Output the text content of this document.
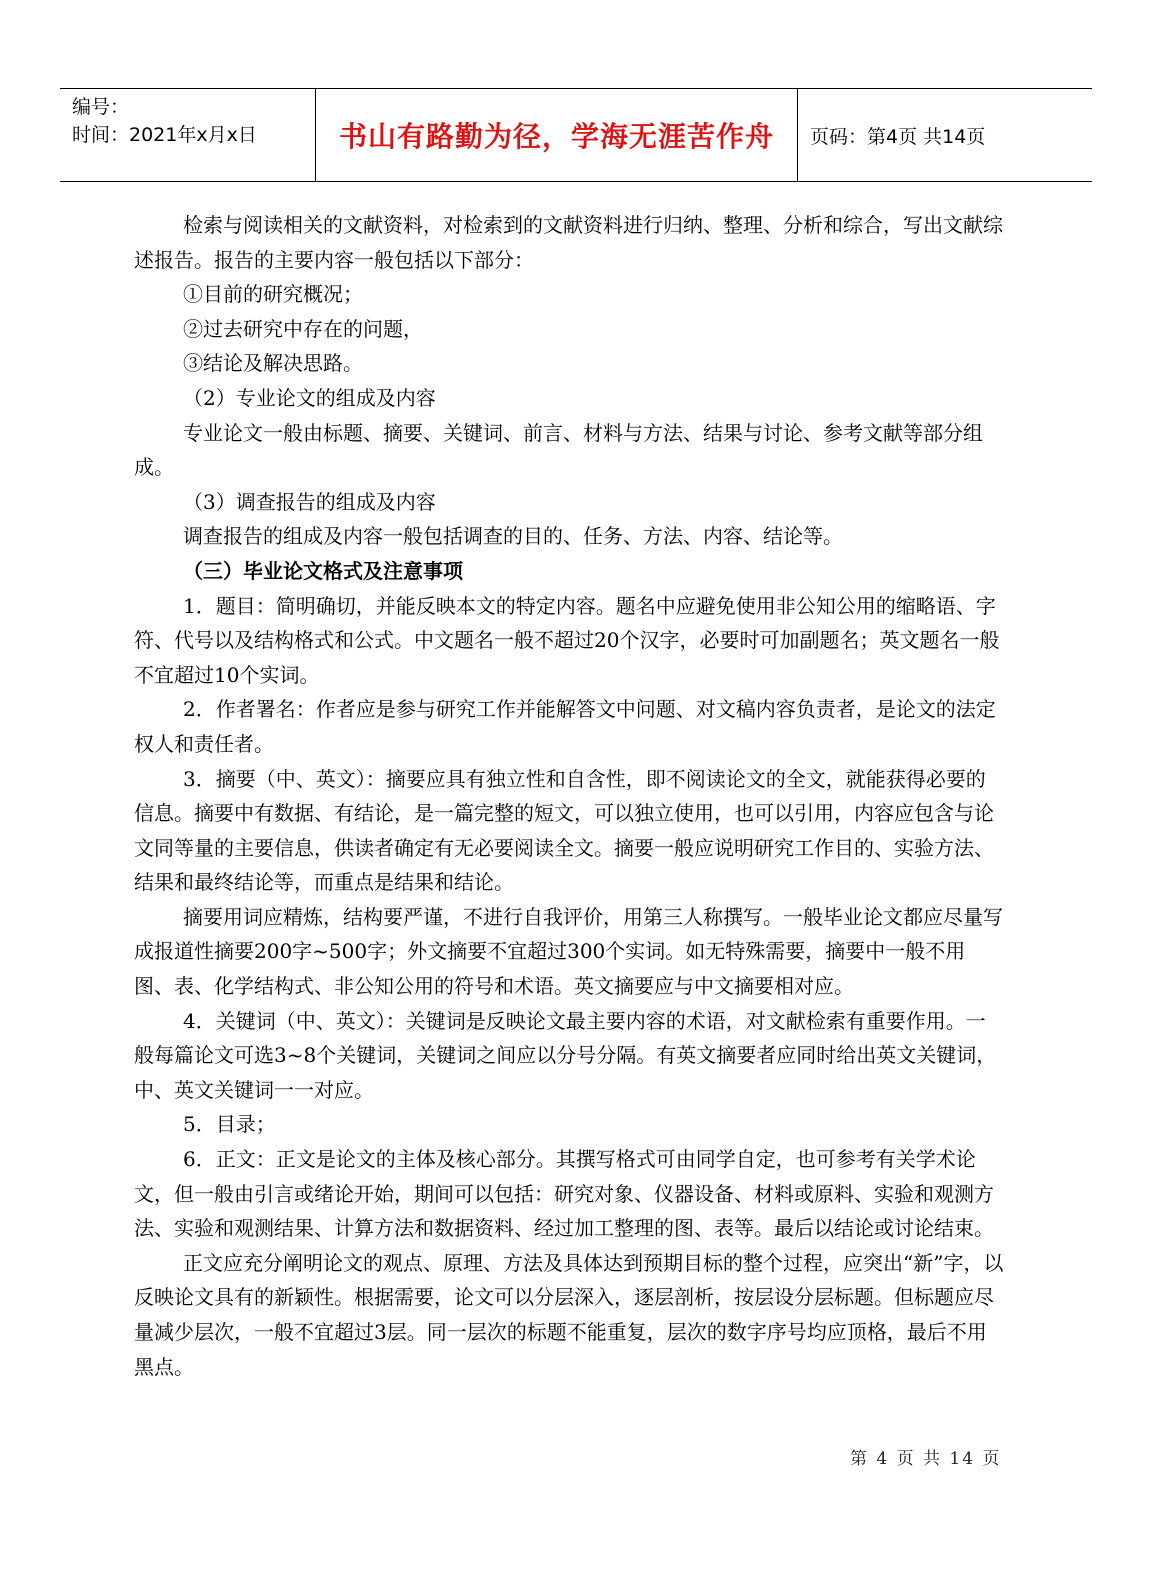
编号：
时间：2021年x月x日	书山有路勤为径，学海无涯苦作舟	页码：第4页 共14页

检索与阅读相关的文献资料，对检索到的文献资料进行归纳、整理、分析和综合，写出文献综述报告。报告的主要内容一般包括以下部分：

①目前的研究概况；

②过去研究中存在的问题，

③结论及解决思路。

（2）专业论文的组成及内容

专业论文一般由标题、摘要、关键词、前言、材料与方法、结果与讨论、参考文献等部分组成。

（3）调查报告的组成及内容

调查报告的组成及内容一般包括调查的目的、任务、方法、内容、结论等。

（三）毕业论文格式及注意事项

1．题目：简明确切，并能反映本文的特定内容。题名中应避免使用非公知公用的缩略语、字符、代号以及结构格式和公式。中文题名一般不超过20个汉字，必要时可加副题名；英文题名一般不宜超过10个实词。

2．作者署名：作者应是参与研究工作并能解答文中问题、对文稿内容负责者，是论文的法定权人和责任者。

3．摘要（中、英文）：摘要应具有独立性和自含性，即不阅读论文的全文，就能获得必要的信息。摘要中有数据、有结论，是一篇完整的短文，可以独立使用，也可以引用，内容应包含与论文同等量的主要信息，供读者确定有无必要阅读全文。摘要一般应说明研究工作目的、实验方法、结果和最终结论等，而重点是结果和结论。

摘要用词应精炼，结构要严谨，不进行自我评价，用第三人称撰写。一般毕业论文都应尽量写成报道性摘要200字~500字；外文摘要不宜超过300个实词。如无特殊需要，摘要中一般不用图、表、化学结构式、非公知公用的符号和术语。英文摘要应与中文摘要相对应。

4．关键词（中、英文）：关键词是反映论文最主要内容的术语，对文献检索有重要作用。一般每篇论文可选3~8个关键词，关键词之间应以分号分隔。有英文摘要者应同时给出英文关键词，中、英文关键词一一对应。

5．目录；

6．正文：正文是论文的主体及核心部分。其撰写格式可由同学自定，也可参考有关学术论文，但一般由引言或绪论开始，期间可以包括：研究对象、仪器设备、材料或原料、实验和观测方法、实验和观测结果、计算方法和数据资料、经过加工整理的图、表等。最后以结论或讨论结束。

正文应充分阐明论文的观点、原理、方法及具体达到预期目标的整个过程，应突出“新”字，以反映论文具有的新颖性。根据需要，论文可以分层深入，逐层剖析，按层设分层标题。但标题应尽量减少层次，一般不宜超过3层。同一层次的标题不能重复，层次的数字序号均应顶格，最后不用黑点。

第 4 页 共 14 页
